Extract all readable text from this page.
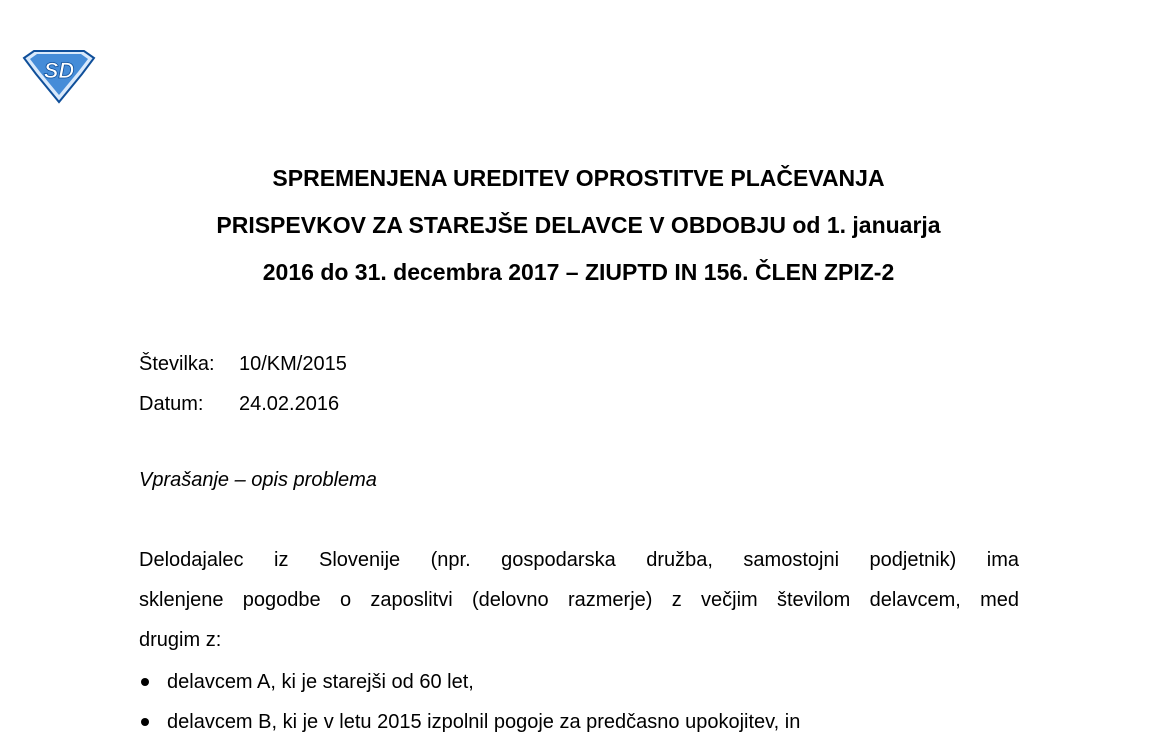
SD
SPREMENJENA UREDITEV OPROSTITVE PLAČEVANJA
PRISPEVKOV ZA STAREJŠE DELAVCE V OBDOBJU od 1. januarja
2016 do 31. decembra 2017 – ZIUPTD IN 156. ČLEN ZPIZ-2
Številka:	10/KM/2015
Datum:	24.02.2016
Vprašanje – opis problema
Delodajalec iz Slovenije (npr. gospodarska družba, samostojni podjetnik) ima
sklenjene pogodbe o zaposlitvi (delovno razmerje) z večjim številom delavcem, med
drugim z:
delavcem A, ki je starejši od 60 let,
delavcem B, ki je v letu 2015 izpolnil pogoje za predčasno upokojitev, in
